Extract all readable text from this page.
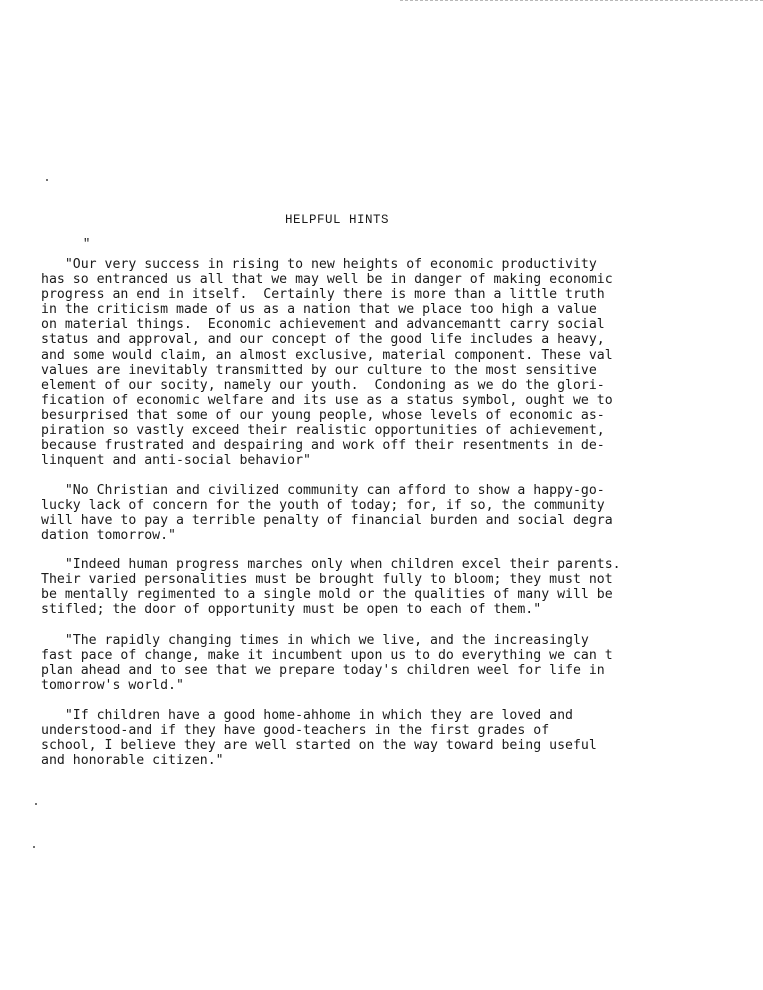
HELPFUL HINTS
"
"Our very success in rising to new heights of economic productivity
has so entranced us all that we may well be in danger of making economic
progress an end in itself.  Certainly there is more than a little truth
in the criticism made of us as a nation that we place too high a value
on material things.  Economic achievement and advancemantt carry social
status and approval, and our concept of the good life includes a heavy,
and some would claim, an almost exclusive, material component. These val
values are inevitably transmitted by our culture to the most sensitive
element of our socity, namely our youth.  Condoning as we do the glori-
fication of economic welfare and its use as a status symbol, ought we to
besurprised that some of our young people, whose levels of economic as-
piration so vastly exceed their realistic opportunities of achievement,
because frustrated and despairing and work off their resentments in de-
linquent and anti-social behavior"
"No Christian and civilized community can afford to show a happy-go-
lucky lack of concern for the youth of today; for, if so, the community
will have to pay a terrible penalty of financial burden and social degra
dation tomorrow."
"Indeed human progress marches only when children excel their parents.
Their varied personalities must be brought fully to bloom; they must not
be mentally regimented to a single mold or the qualities of many will be
stifled; the door of opportunity must be open to each of them."
"The rapidly changing times in which we live, and the increasingly
fast pace of change, make it incumbent upon us to do everything we can t
plan ahead and to see that we prepare today's children weel for life in
tomorrow's world."
"If children have a good home-ahhome in which they are loved and
understood-and if they have good-teachers in the first grades of
school, I believe they are well started on the way toward being useful
and honorable citizen."
